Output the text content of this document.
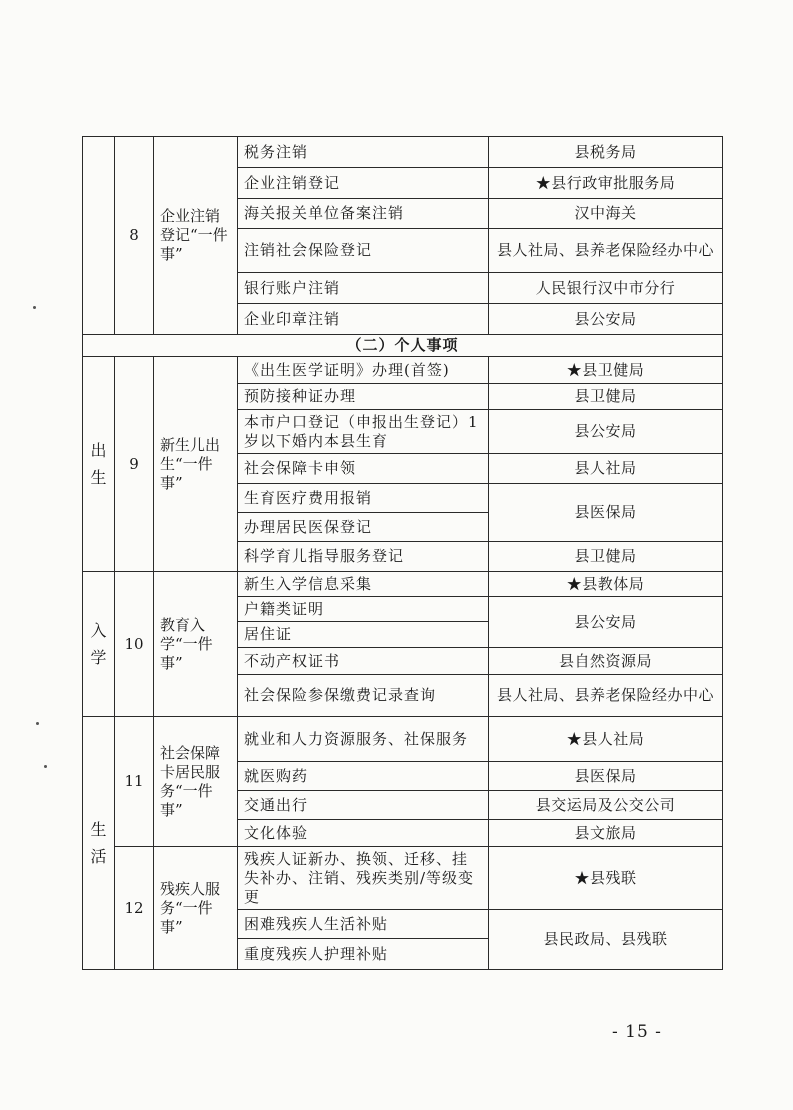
	8	企业注销登记“一件事”	税务注销	县税务局
			企业注销登记	★县行政审批服务局
			海关报关单位备案注销	汉中海关
			注销社会保险登记	县人社局、县养老保险经办中心
			银行账户注销	人民银行汉中市分行
			企业印章注销	县公安局
（二）个人事项				

出生	9	新生儿出生“一件事”	《出生医学证明》办理(首签)	★县卫健局
			预防接种证办理	县卫健局
			本市户口登记（申报出生登记）1岁以下婚内本县生育	县公安局
			社会保障卡申领	县人社局
			生育医疗费用报销	县医保局
			办理居民医保登记	
			科学育儿指导服务登记	县卫健局

入学	10	教育入学“一件事”	新生入学信息采集	★县教体局
			户籍类证明	县公安局
			居住证	
			不动产权证书	县自然资源局
			社会保险参保缴费记录查询	县人社局、县养老保险经办中心

生活	11	社会保障卡居民服务“一件事”	就业和人力资源服务、社保服务	★县人社局
			就医购药	县医保局
			交通出行	县交运局及公交公司
			文化体验	县文旅局
	12	残疾人服务“一件事”	残疾人证新办、换领、迁移、挂失补办、注销、残疾类别/等级变更	★县残联
			困难残疾人生活补贴	县民政局、县残联
			重度残疾人护理补贴	
- 15 -
